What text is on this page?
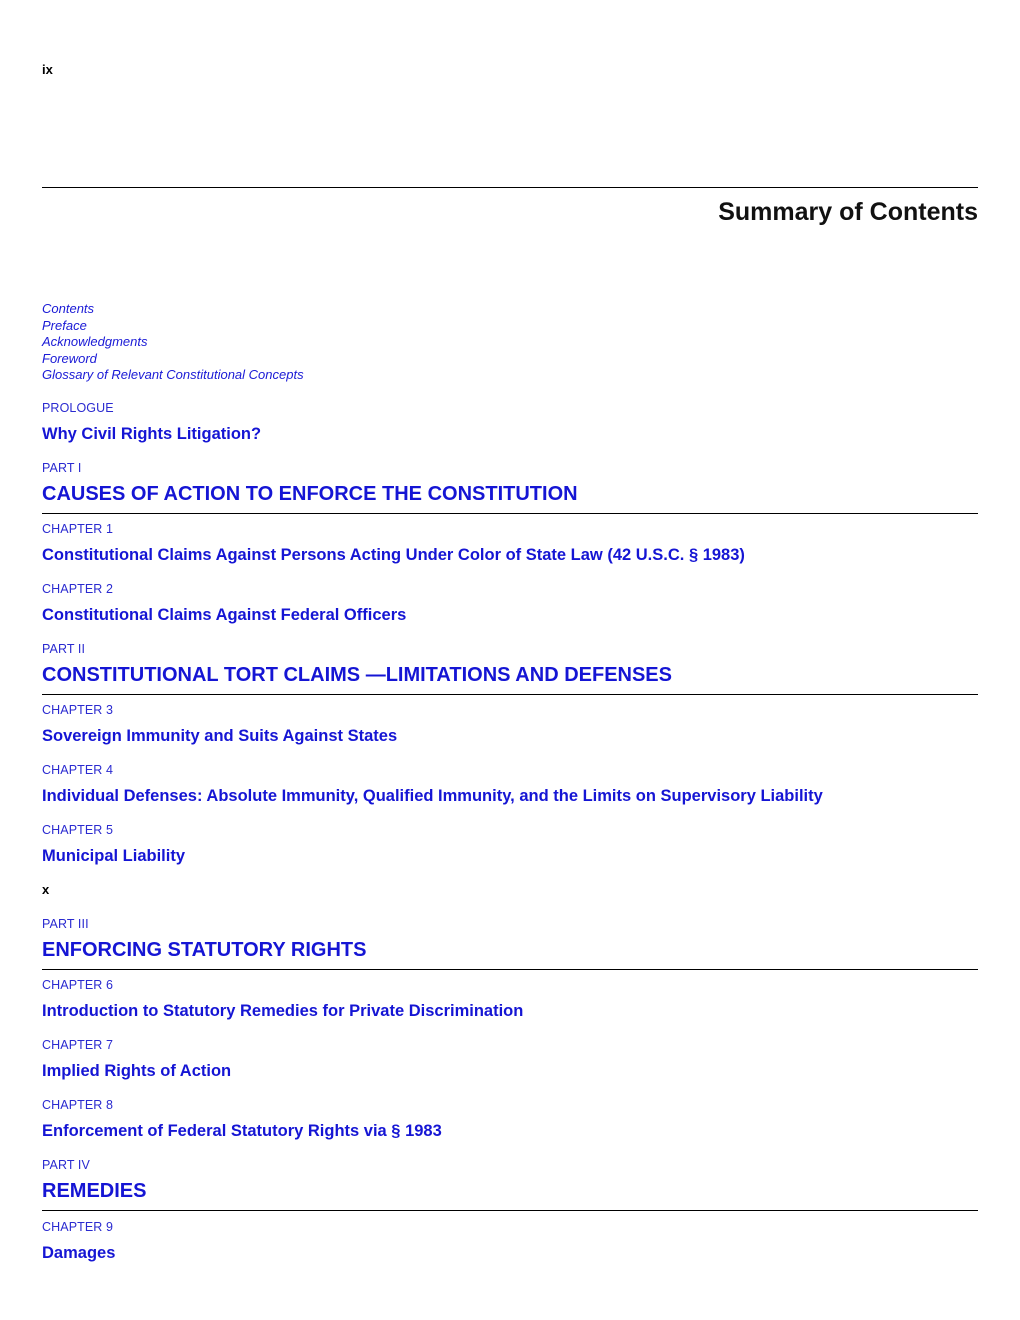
ix
Summary of Contents
Contents
Preface
Acknowledgments
Foreword
Glossary of Relevant Constitutional Concepts
PROLOGUE
Why Civil Rights Litigation?
PART I
CAUSES OF ACTION TO ENFORCE THE CONSTITUTION
CHAPTER 1
Constitutional Claims Against Persons Acting Under Color of State Law (42 U.S.C. § 1983)
CHAPTER 2
Constitutional Claims Against Federal Officers
PART II
CONSTITUTIONAL TORT CLAIMS —LIMITATIONS AND DEFENSES
CHAPTER 3
Sovereign Immunity and Suits Against States
CHAPTER 4
Individual Defenses: Absolute Immunity, Qualified Immunity, and the Limits on Supervisory Liability
CHAPTER 5
Municipal Liability
x
PART III
ENFORCING STATUTORY RIGHTS
CHAPTER 6
Introduction to Statutory Remedies for Private Discrimination
CHAPTER 7
Implied Rights of Action
CHAPTER 8
Enforcement of Federal Statutory Rights via § 1983
PART IV
REMEDIES
CHAPTER 9
Damages
